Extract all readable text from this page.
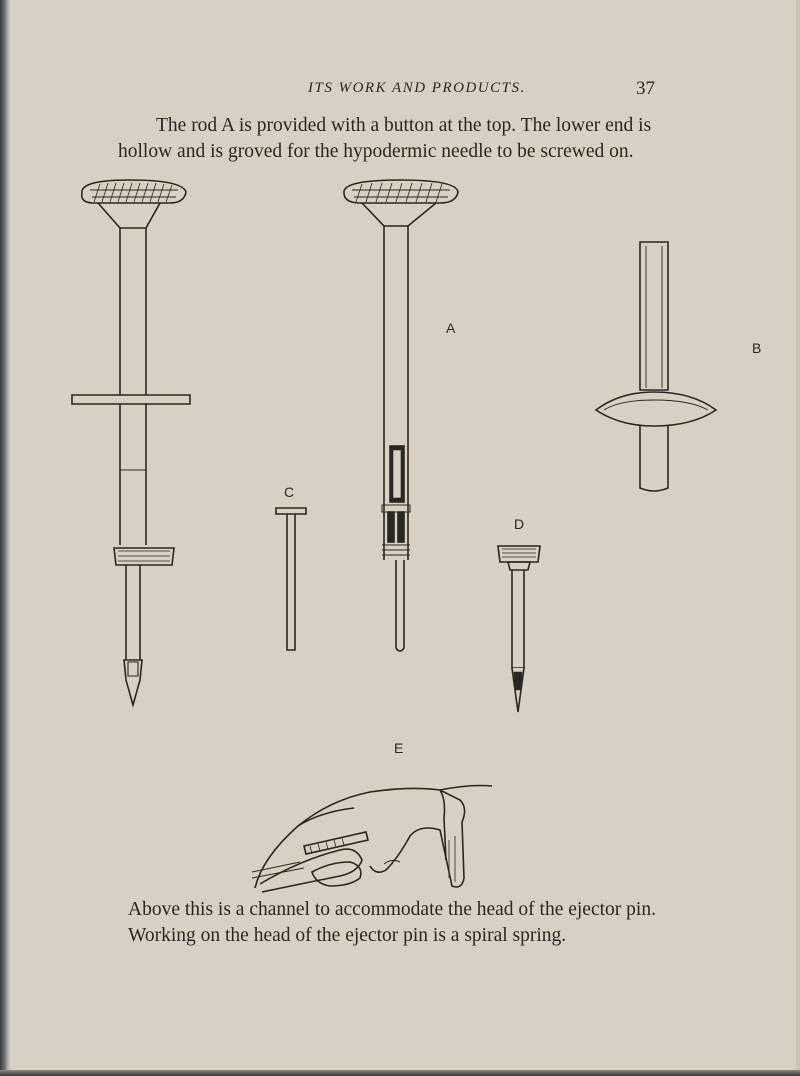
ITS WORK AND PRODUCTS.	37
The rod A is provided with a button at the top. The lower end is
hollow and is groved for the hypodermic needle to be screwed on.
A
B
C
D
E
Above this is a channel to accommodate the head of the ejector pin.
Working on the head of the ejector pin is a spiral spring.
